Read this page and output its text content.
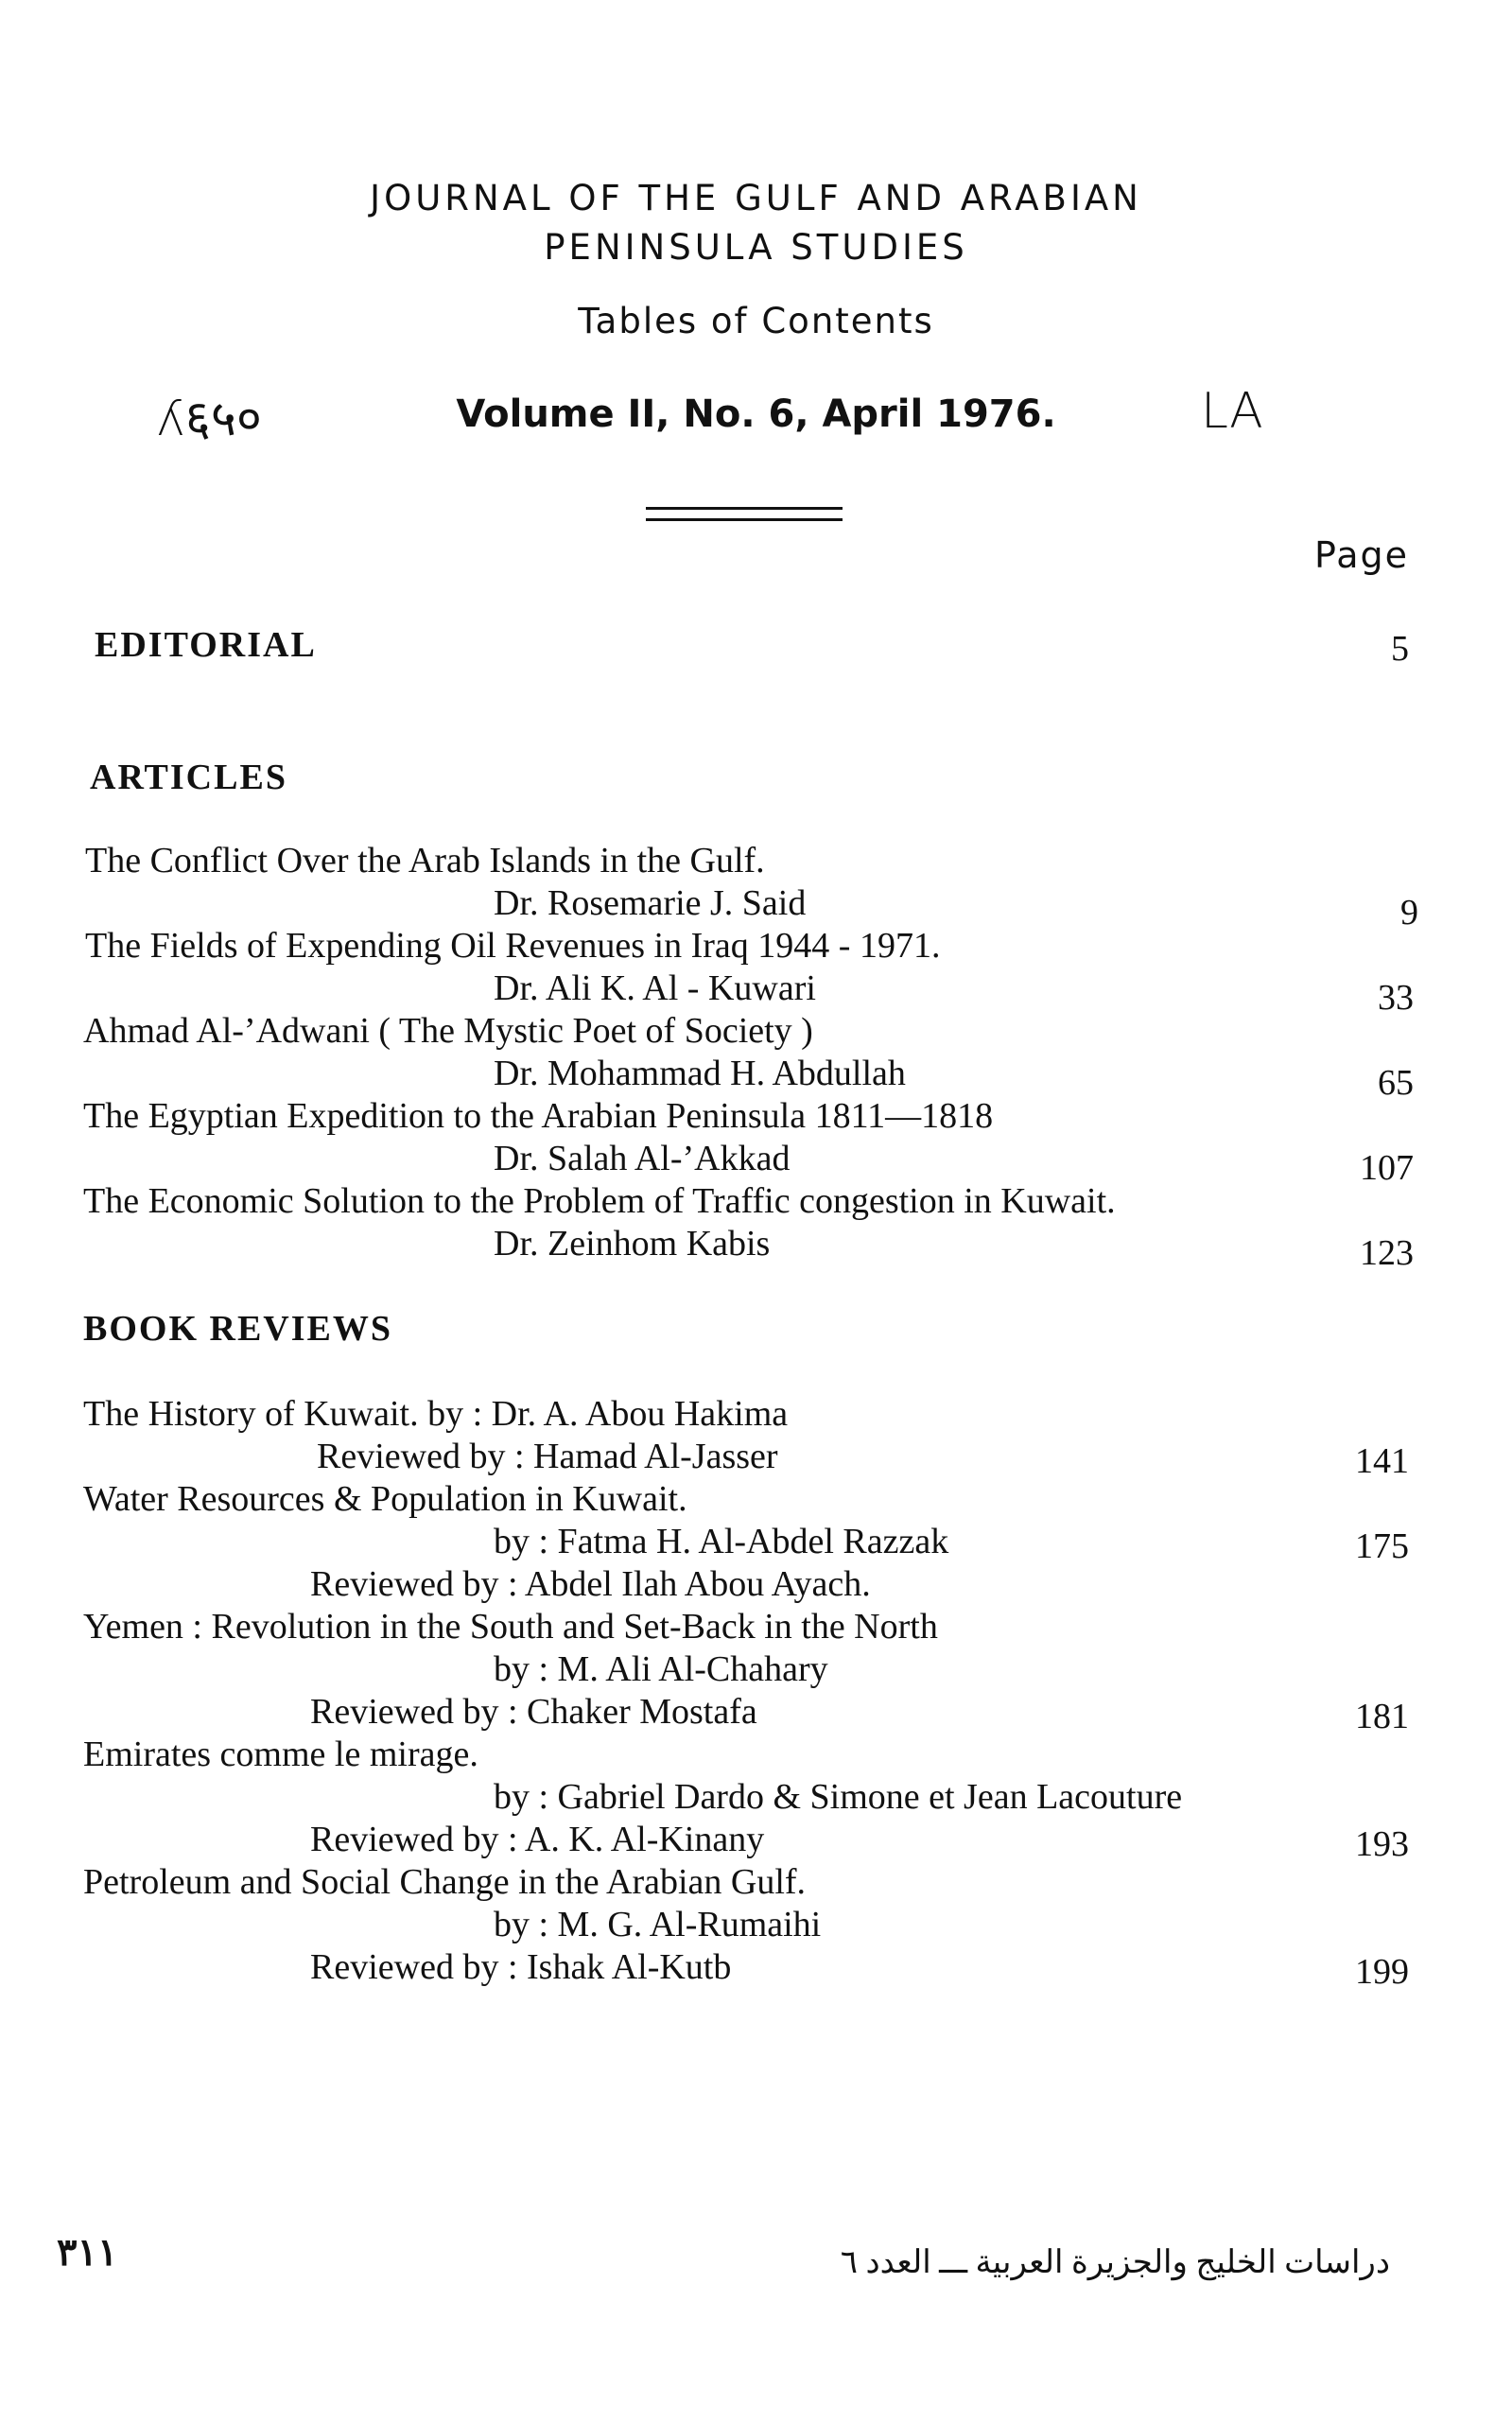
JOURNAL OF THE GULF AND ARABIAN
PENINSULA STUDIES
Tables of Contents
ʎ६५०	Volume II, No. 6, April 1976.	LA
Page
EDITORIAL	5
ARTICLES
The Conflict Over the Arab Islands in the Gulf.
Dr. Rosemarie J. Said	9
The Fields of Expending Oil Revenues in Iraq 1944 - 1971.
Dr. Ali K. Al - Kuwari	33
Ahmad Al-’Adwani ( The Mystic Poet of Society )
Dr. Mohammad H. Abdullah	65
The Egyptian Expedition to the Arabian Peninsula 1811—1818
Dr. Salah Al-’Akkad	107
The Economic Solution to the Problem of Traffic congestion in Kuwait.
Dr. Zeinhom Kabis	123
BOOK REVIEWS
The History of Kuwait. by : Dr. A. Abou Hakima
Reviewed by : Hamad Al-Jasser	141
Water Resources & Population in Kuwait.
by : Fatma H. Al-Abdel Razzak	175
Reviewed by : Abdel Ilah Abou Ayach.
Yemen : Revolution in the South and Set-Back in the North
by : M. Ali Al-Chahary
Reviewed by : Chaker Mostafa	181
Emirates comme le mirage.
by : Gabriel Dardo & Simone et Jean Lacouture
Reviewed by : A. K. Al-Kinany	193
Petroleum and Social Change in the Arabian Gulf.
by : M. G. Al-Rumaihi
Reviewed by : Ishak Al-Kutb	199
٣١١	دراسات الخليج والجزيرة العربية ـــ العدد ٦
